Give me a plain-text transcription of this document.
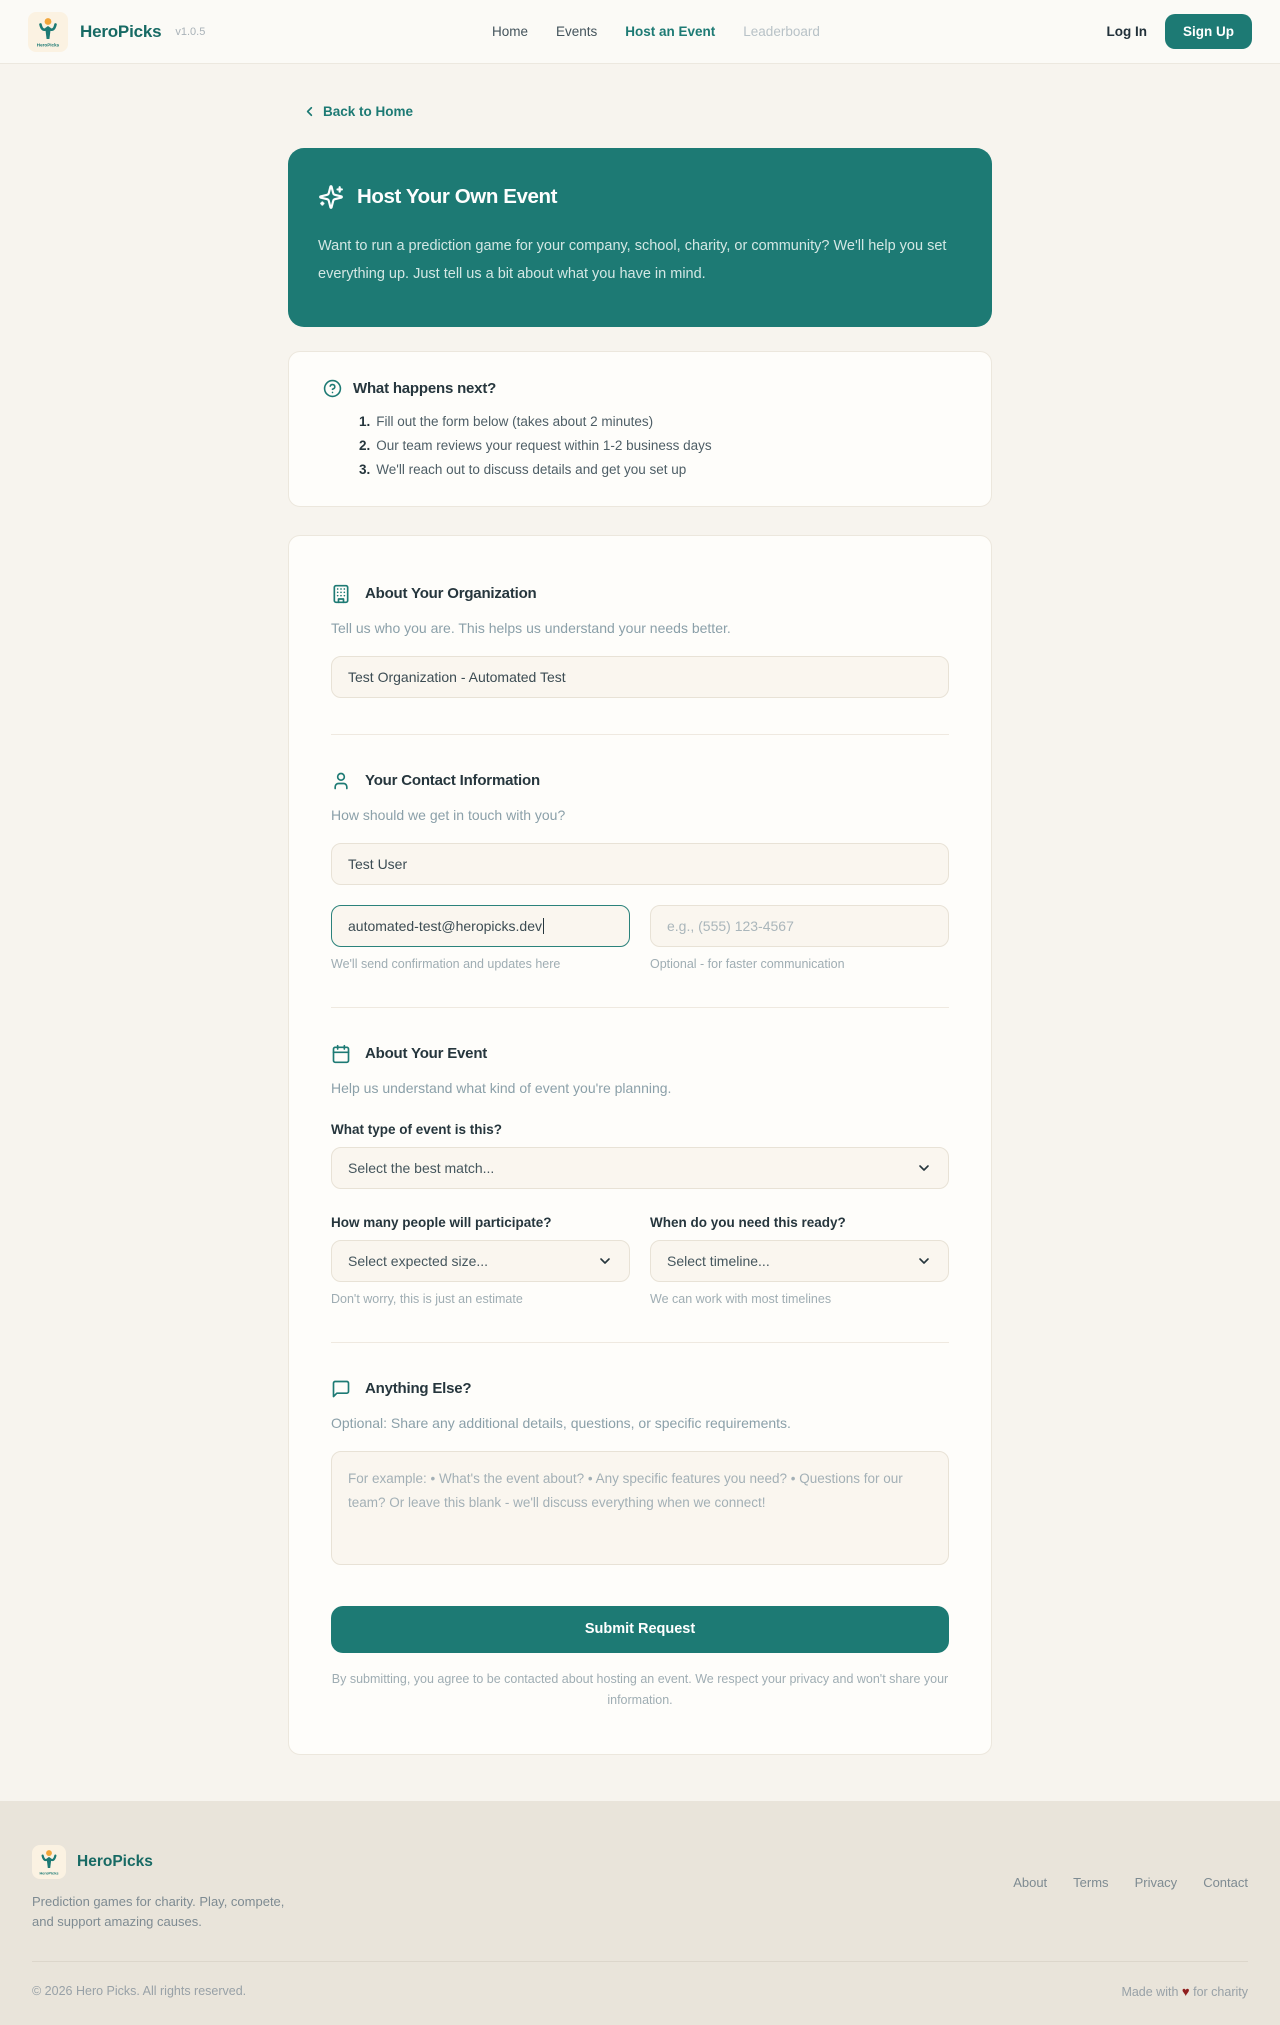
HeroPicks
HeroPicks v1.0.5	Home Events Host an Event Leaderboard	Log In	Sign Up
Back to Home
Host Your Own Event

Want to run a prediction game for your company, school, charity, or community? We'll help you set everything up. Just tell us a bit about what you have in mind.

What happens next?
1. Fill out the form below (takes about 2 minutes)
2. Our team reviews your request within 1-2 business days
3. We'll reach out to discuss details and get you set up
About Your Organization

Tell us who you are. This helps us understand your needs better.

Test Organization - Automated Test
Your Contact Information

How should we get in touch with you?

Test User
automated-test@heropicks.dev

We'll send confirmation and updates here

e.g., (555) 123-4567	Optional - for faster communication

About Your Event

Help us understand what kind of event you're planning.

What type of event is this?

Select the best match...

How many people will participate?

Select expected size...

Don't worry, this is just an estimate

When do you need this ready?

Select timeline...

We can work with most timelines

Anything Else?

Optional: Share any additional details, questions, or specific requirements.

For example: • What's the event about? • Any specific features you need? • Questions for our team? Or leave this blank - we'll discuss everything when we connect! Submit Request

By submitting, you agree to be contacted about hosting an event. We respect your privacy and won't share your information.

HeroPicks
HeroPicks

Prediction games for charity. Play, compete, and support amazing causes.

About Terms Privacy Contact
© 2026 Hero Picks. All rights reserved.	Made with ♥ for charity
